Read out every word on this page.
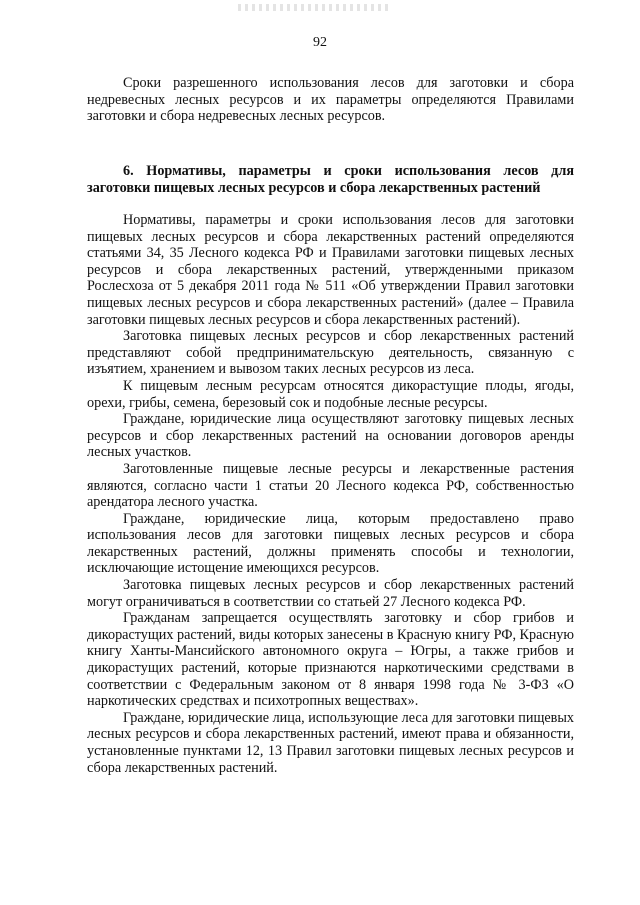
92

Сроки разрешенного использования лесов для заготовки и сбора недревесных лесных ресурсов и их параметры определяются Правилами заготовки и сбора недревесных лесных ресурсов.

6. Нормативы, параметры и сроки использования лесов для заготовки пищевых лесных ресурсов и сбора лекарственных растений

Нормативы, параметры и сроки использования лесов для заготовки пищевых лесных ресурсов и сбора лекарственных растений определяются статьями 34, 35 Лесного кодекса РФ и Правилами заготовки пищевых лесных ресурсов и сбора лекарственных растений, утвержденными приказом Рослесхоза от 5 декабря 2011 года № 511 «Об утверждении Правил заготовки пищевых лесных ресурсов и сбора лекарственных растений» (далее – Правила заготовки пищевых лесных ресурсов и сбора лекарственных растений).

Заготовка пищевых лесных ресурсов и сбор лекарственных растений представляют собой предпринимательскую деятельность, связанную с изъятием, хранением и вывозом таких лесных ресурсов из леса.

К пищевым лесным ресурсам относятся дикорастущие плоды, ягоды, орехи, грибы, семена, березовый сок и подобные лесные ресурсы.

Граждане, юридические лица осуществляют заготовку пищевых лесных ресурсов и сбор лекарственных растений на основании договоров аренды лесных участков.

Заготовленные пищевые лесные ресурсы и лекарственные растения являются, согласно части 1 статьи 20 Лесного кодекса РФ, собственностью арендатора лесного участка.

Граждане, юридические лица, которым предоставлено право использования лесов для заготовки пищевых лесных ресурсов и сбора лекарственных растений, должны применять способы и технологии, исключающие истощение имеющихся ресурсов.

Заготовка пищевых лесных ресурсов и сбор лекарственных растений могут ограничиваться в соответствии со статьей 27 Лесного кодекса РФ.

Гражданам запрещается осуществлять заготовку и сбор грибов и дикорастущих растений, виды которых занесены в Красную книгу РФ, Красную книгу Ханты-Мансийского автономного округа – Югры, а также грибов и дикорастущих растений, которые признаются наркотическими средствами в соответствии с Федеральным законом от 8 января 1998 года № 3-ФЗ «О наркотических средствах и психотропных веществах».

Граждане, юридические лица, использующие леса для заготовки пищевых лесных ресурсов и сбора лекарственных растений, имеют права и обязанности, установленные пунктами 12, 13 Правил заготовки пищевых лесных ресурсов и сбора лекарственных растений.
